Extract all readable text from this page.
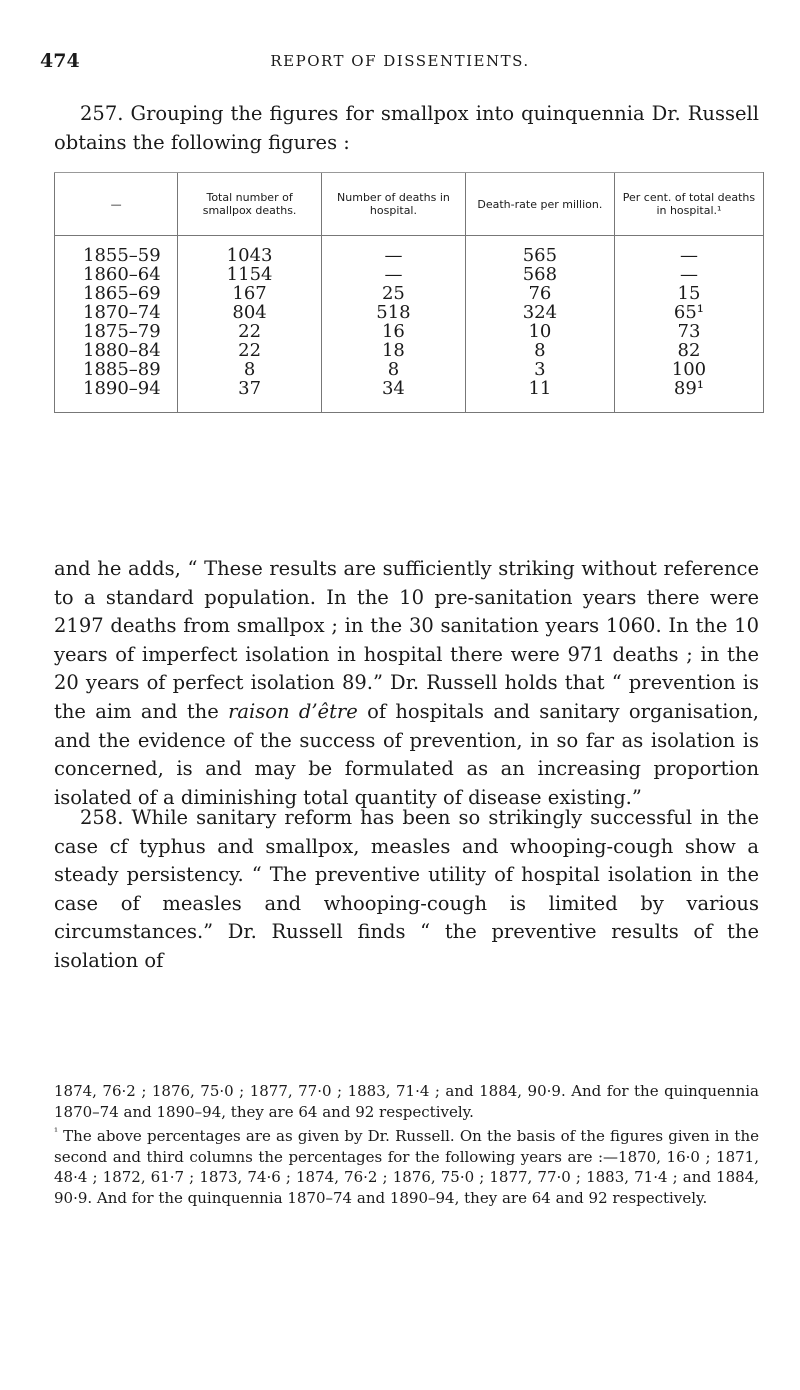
474	REPORT OF DISSENTIENTS.

257. Grouping the figures for smallpox into quinquennia Dr. Russell obtains the following figures :

—	Total number of smallpox deaths.	Number of deaths in hospital.	Death-rate per million.	Per cent. of total deaths in hospital.¹
1855–59	1043	—	565	—
1860–64	1154	—	568	—
1865–69	167	25	76	15
1870–74	804	518	324	65¹
1875–79	22	16	10	73
1880–84	22	18	8	82
1885–89	8	8	3	100
1890–94	37	34	11	89¹

and he adds, “ These results are sufficiently striking without reference to a standard population. In the 10 pre-sanitation years there were 2197 deaths from smallpox ; in the 30 sanitation years 1060. In the 10 years of imperfect isolation in hospital there were 971 deaths ; in the 20 years of perfect isolation 89.” Dr. Russell holds that “ prevention is the aim and the raison d’être of hospitals and sanitary organisation, and the evidence of the success of prevention, in so far as isolation is concerned, is and may be formulated as an increasing proportion isolated of a diminishing total quantity of disease existing.”

258. While sanitary reform has been so strikingly successful in the case cf typhus and smallpox, measles and whooping-cough show a steady persistency. “ The preventive utility of hospital isolation in the case of measles and whooping-cough is limited by various circumstances.” Dr. Russell finds “ the preventive results of the isolation of

1874, 76·2 ; 1876, 75·0 ; 1877, 77·0 ; 1883, 71·4 ; and 1884, 90·9. And for the quinquennia 1870–74 and 1890–94, they are 64 and 92 respectively.

$^{^1}$ The above percentages are as given by Dr. Russell. On the basis of the figures given in the second and third columns the percentages for the following years are :—1870, 16·0 ; 1871, 48·4 ; 1872, 61·7 ; 1873, 74·6 ; 1874, 76·2 ; 1876, 75·0 ; 1877, 77·0 ; 1883, 71·4 ; and 1884, 90·9. And for the quinquennia 1870–74 and 1890–94, they are 64 and 92 respectively.
